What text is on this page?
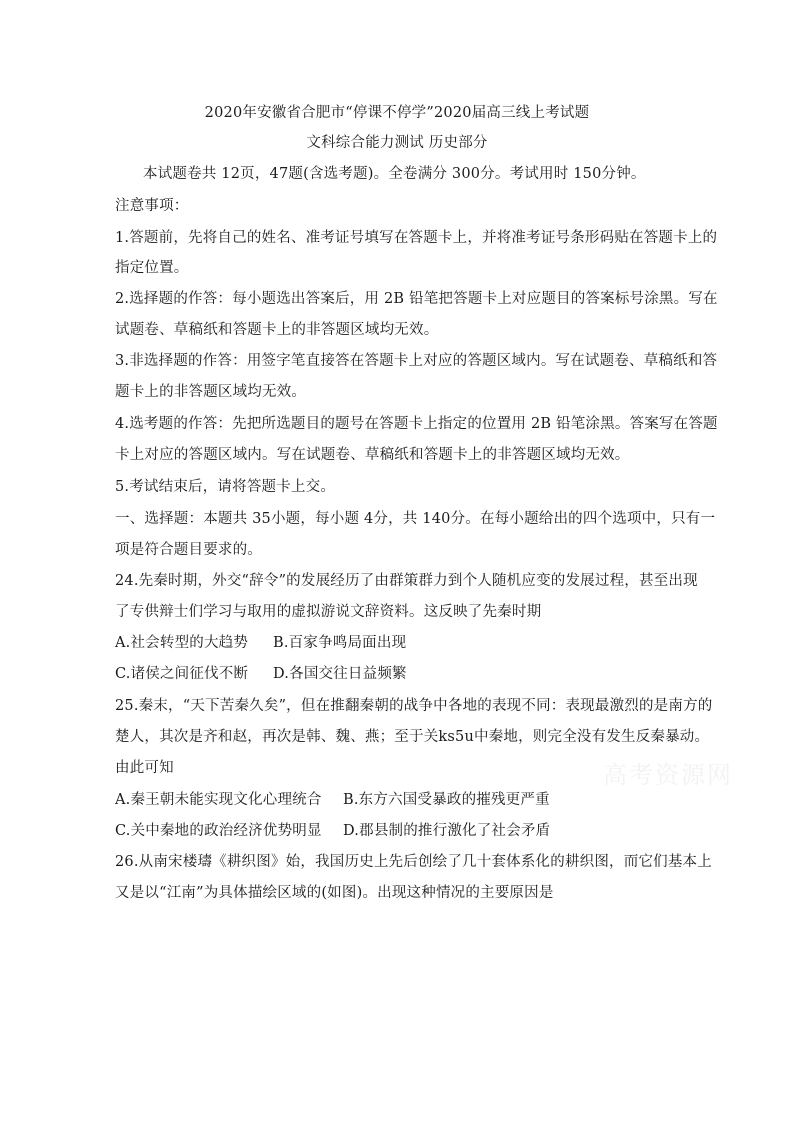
2020年安徽省合肥市“停课不停学”2020届高三线上考试题
文科综合能力测试 历史部分
本试题卷共 12页，47题(含选考题)。全卷满分 300分。考试用时 150分钟。
注意事项：
1.答题前，先将自己的姓名、准考证号填写在答题卡上，并将准考证号条形码贴在答题卡上的
指定位置。
2.选择题的作答：每小题选出答案后，用 2B 铅笔把答题卡上对应题目的答案标号涂黑。写在
试题卷、草稿纸和答题卡上的非答题区域均无效。
3.非选择题的作答：用签字笔直接答在答题卡上对应的答题区域内。写在试题卷、草稿纸和答
题卡上的非答题区域均无效。
4.选考题的作答：先把所选题目的题号在答题卡上指定的位置用 2B 铅笔涂黑。答案写在答题
卡上对应的答题区域内。写在试题卷、草稿纸和答题卡上的非答题区域均无效。
5.考试结束后，请将答题卡上交。
一、选择题：本题共 35小题，每小题 4分，共 140分。在每小题给出的四个选项中，只有一
项是符合题目要求的。
24.先秦时期，外交“辞令”的发展经历了由群策群力到个人随机应变的发展过程，甚至出现
了专供辩士们学习与取用的虚拟游说文辞资料。这反映了先秦时期
A.社会转型的大趋势 B.百家争鸣局面出现
C.诸侯之间征伐不断 D.各国交往日益频繁
25.秦末，“天下苦秦久矣”，但在推翻秦朝的战争中各地的表现不同：表现最激烈的是南方的
楚人，其次是齐和赵，再次是韩、魏、燕；至于关ks5u中秦地，则完全没有发生反秦暴动。
由此可知
A.秦王朝未能实现文化心理统合 B.东方六国受暴政的摧残更严重
C.关中秦地的政治经济优势明显 D.郡县制的推行激化了社会矛盾
26.从南宋楼璹《耕织图》始，我国历史上先后创绘了几十套体系化的耕织图，而它们基本上
又是以“江南”为具体描绘区域的(如图)。出现这种情况的主要原因是
高考资源网
